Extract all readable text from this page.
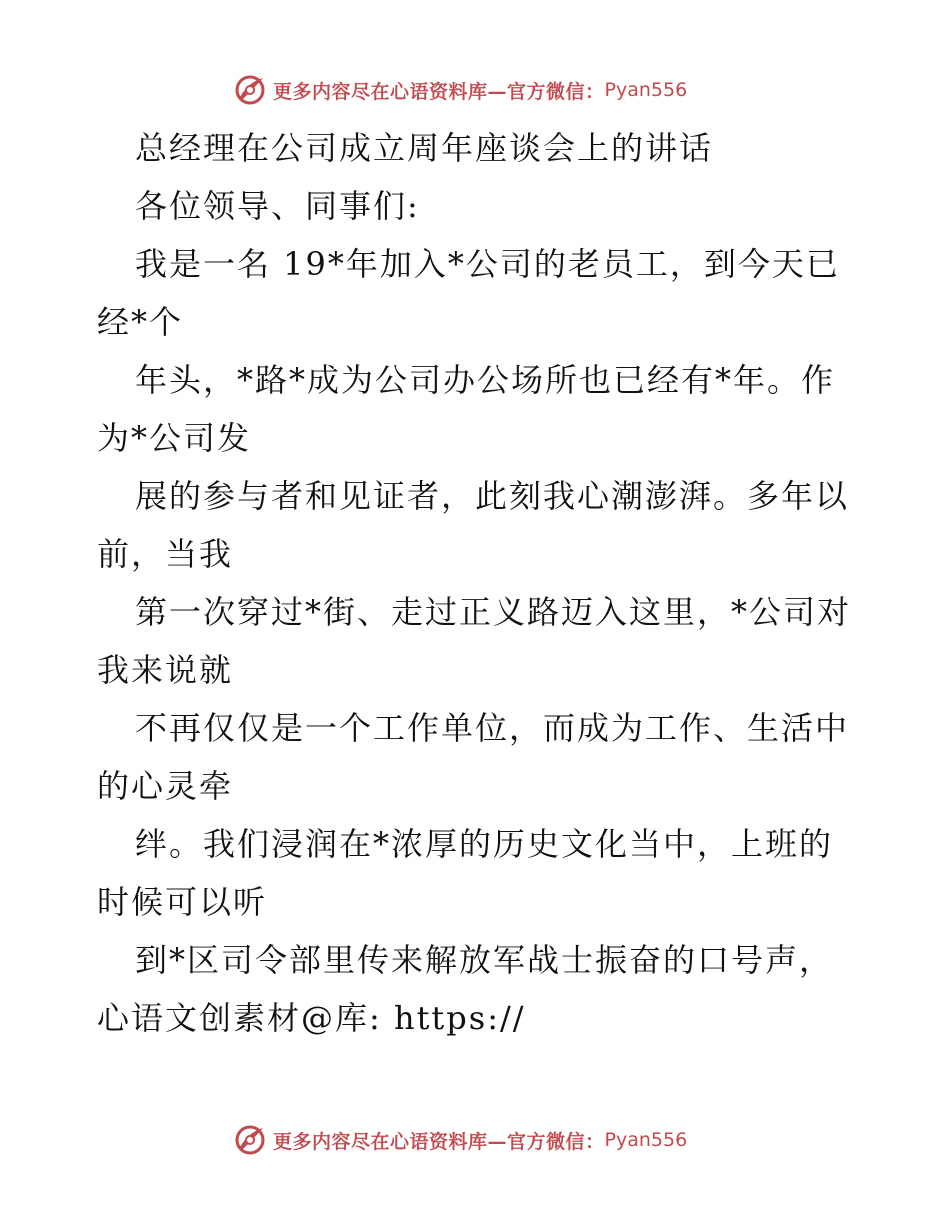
更多内容尽在心语资料库—官方微信： Pyan556
总经理在公司成立周年座谈会上的讲话
各位领导、同事们:
我是一名 19*年加入*公司的老员工，到今天已
经*个
年头，*路*成为公司办公场所也已经有*年。作
为*公司发
展的参与者和见证者，此刻我心潮澎湃。多年以
前，当我
第一次穿过*街、走过正义路迈入这里，*公司对
我来说就
不再仅仅是一个工作单位，而成为工作、生活中
的心灵牵
绊。我们浸润在*浓厚的历史文化当中，上班的
时候可以听
到*区司令部里传来解放军战士振奋的口号声，
心语文创素材@库: https://
更多内容尽在心语资料库—官方微信： Pyan556
